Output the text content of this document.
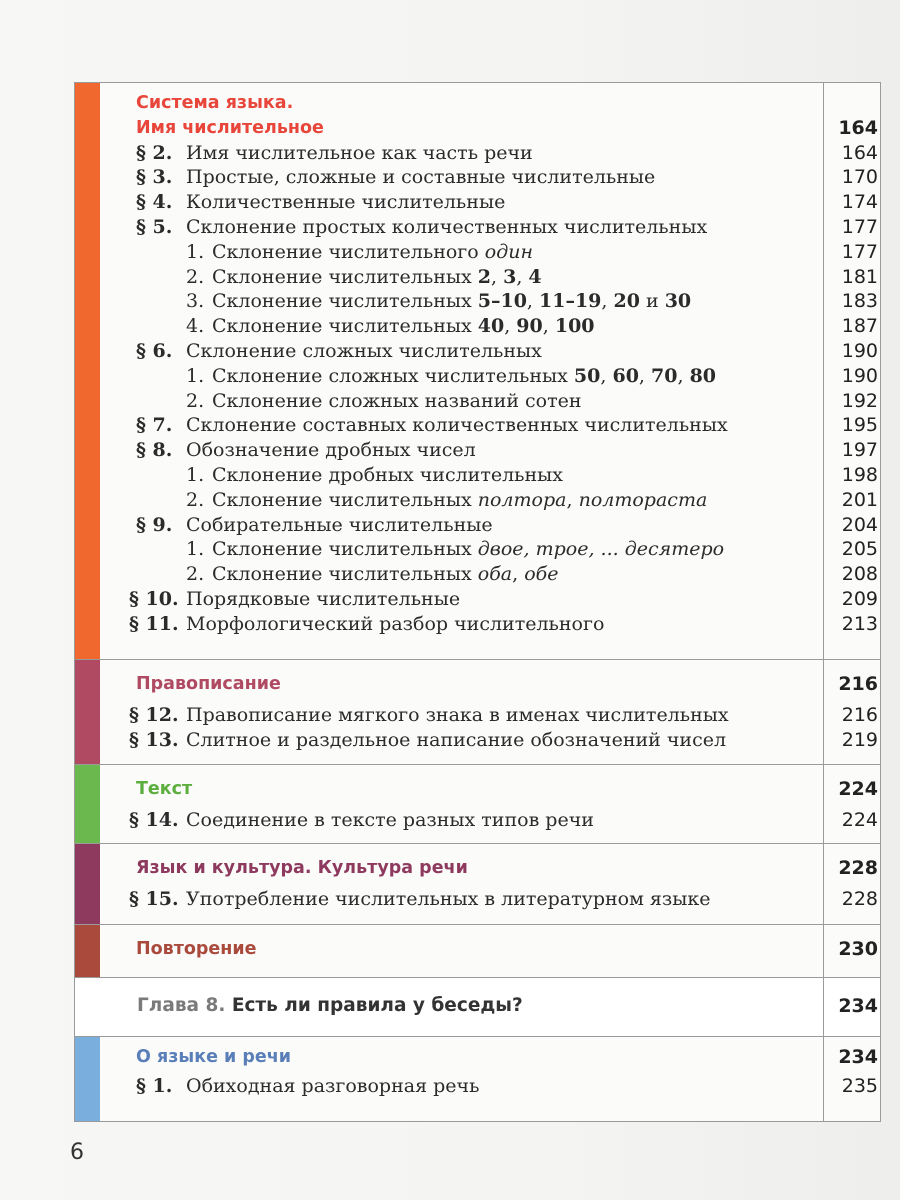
Система языка.
Имя числительное	164
§ 2. Имя числительное как часть речи	164
§ 3. Простые, сложные и составные числительные	170
§ 4. Количественные числительные	174
§ 5. Склонение простых количественных числительных	177
1. Склонение числительного один	177
2. Склонение числительных 2, 3, 4	181
3. Склонение числительных 5–10, 11–19, 20 и 30	183
4. Склонение числительных 40, 90, 100	187
§ 6. Склонение сложных числительных	190
1. Склонение сложных числительных 50, 60, 70, 80	190
2. Склонение сложных названий сотен	192
§ 7. Склонение составных количественных числительных	195
§ 8. Обозначение дробных чисел	197
1. Склонение дробных числительных	198
2. Склонение числительных полтора, полтораста	201
§ 9. Собирательные числительные	204
1. Склонение числительных двое, трое, ... десятеро	205
2. Склонение числительных оба, обе	208
§ 10. Порядковые числительные	209
§ 11. Морфологический разбор числительного	213
Правописание	216
§ 12. Правописание мягкого знака в именах числительных	216
§ 13. Слитное и раздельное написание обозначений чисел	219
Текст	224
§ 14. Соединение в тексте разных типов речи	224
Язык и культура. Культура речи	228
§ 15. Употребление числительных в литературном языке	228
Повторение	230
Глава 8. Есть ли правила у беседы?	234
О языке и речи	234
§ 1. Обиходная разговорная речь	235
6
